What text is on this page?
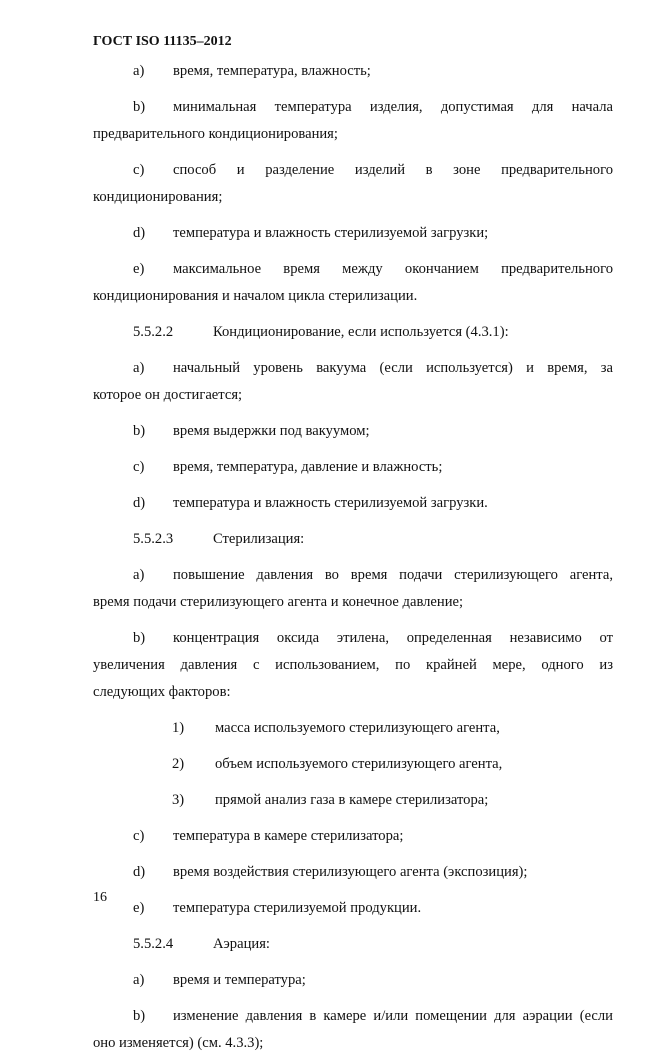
ГОСТ ISO 11135–2012
a) время, температура, влажность;
b) минимальная температура изделия, допустимая для начала
предварительного кондиционирования;
c) способ и разделение изделий в зоне предварительного
кондиционирования;
d) температура и влажность стерилизуемой загрузки;
e) максимальное время между окончанием предварительного
кондиционирования и началом цикла стерилизации.
5.5.2.2	Кондиционирование, если используется (4.3.1):
a) начальный уровень вакуума (если используется) и время, за
которое он достигается;
b) время выдержки под вакуумом;
c) время, температура, давление и влажность;
d) температура и влажность стерилизуемой загрузки.
5.5.2.3	Стерилизация:
a) повышение давления во время подачи стерилизующего агента,
время подачи стерилизующего агента и конечное давление;
b) концентрация оксида этилена, определенная независимо от
увеличения давления с использованием, по крайней мере, одного из
следующих факторов:
1) масса используемого стерилизующего агента,
2) объем используемого стерилизующего агента,
3) прямой анализ газа в камере стерилизатора;
c) температура в камере стерилизатора;
d) время воздействия стерилизующего агента (экспозиция);
e) температура стерилизуемой продукции.
5.5.2.4	Аэрация:
a) время и температура;
b) изменение давления в камере и/или помещении для аэрации (если
оно изменяется) (см. 4.3.3);
16
